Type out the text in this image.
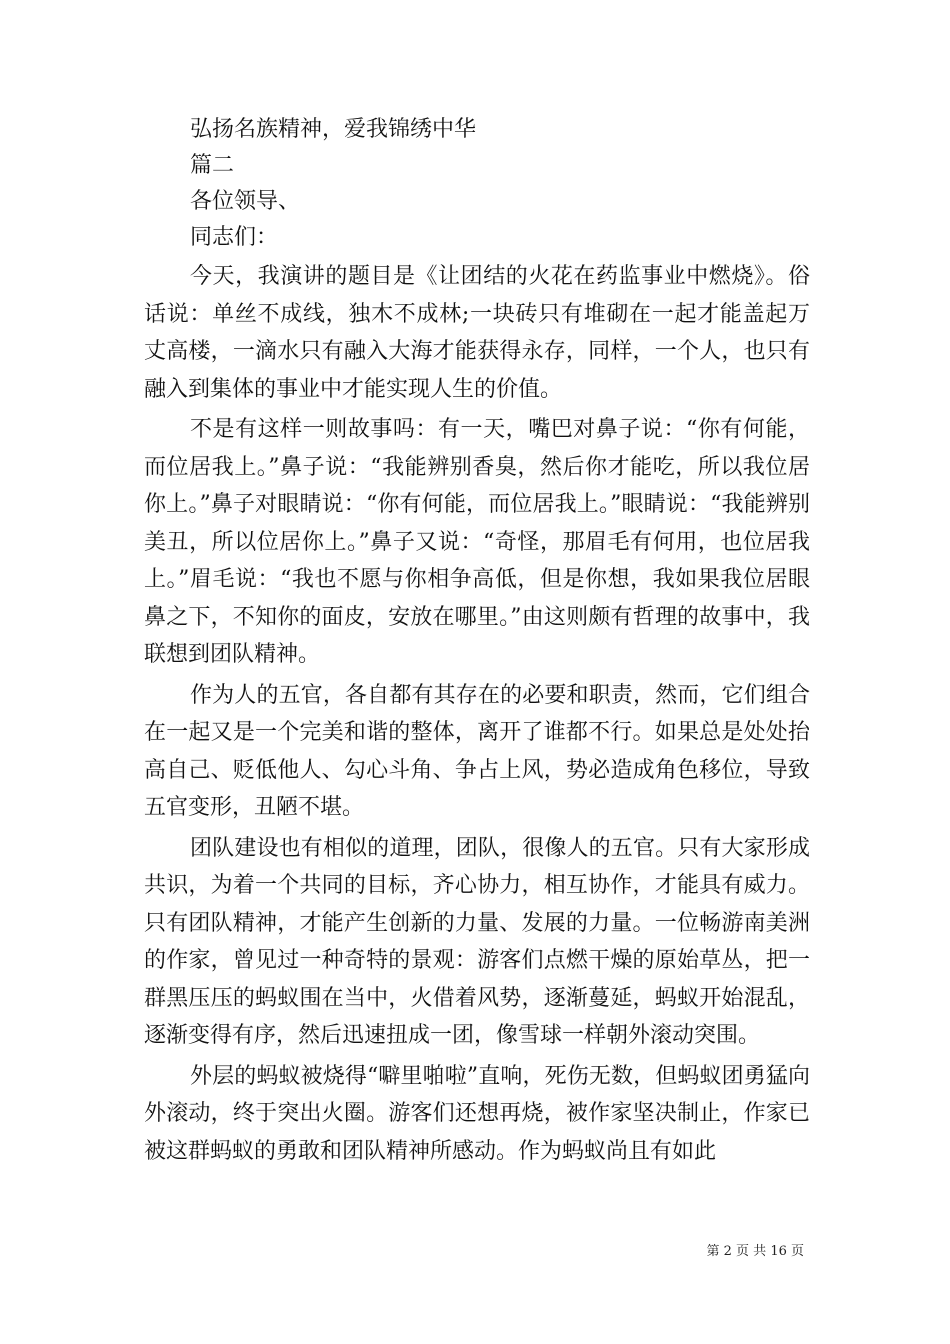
弘扬名族精神，爱我锦绣中华

篇二

各位领导、

同志们：

今天，我演讲的题目是《让团结的火花在药监事业中燃烧》。俗话说：单丝不成线，独木不成林;一块砖只有堆砌在一起才能盖起万丈高楼，一滴水只有融入大海才能获得永存，同样，一个人，也只有融入到集体的事业中才能实现人生的价值。

不是有这样一则故事吗：有一天，嘴巴对鼻子说：“你有何能，而位居我上。”鼻子说：“我能辨别香臭，然后你才能吃，所以我位居你上。”鼻子对眼睛说：“你有何能，而位居我上。”眼睛说：“我能辨别美丑，所以位居你上。”鼻子又说：“奇怪，那眉毛有何用，也位居我上。”眉毛说：“我也不愿与你相争高低，但是你想，我如果我位居眼鼻之下，不知你的面皮，安放在哪里。”由这则颇有哲理的故事中，我联想到团队精神。

作为人的五官，各自都有其存在的必要和职责，然而，它们组合在一起又是一个完美和谐的整体，离开了谁都不行。如果总是处处抬高自己、贬低他人、勾心斗角、争占上风，势必造成角色移位，导致五官变形，丑陋不堪。

团队建设也有相似的道理，团队，很像人的五官。只有大家形成共识，为着一个共同的目标，齐心协力，相互协作，才能具有威力。只有团队精神，才能产生创新的力量、发展的力量。一位畅游南美洲的作家，曾见过一种奇特的景观：游客们点燃干燥的原始草丛，把一群黑压压的蚂蚁围在当中，火借着风势，逐渐蔓延，蚂蚁开始混乱，逐渐变得有序，然后迅速扭成一团，像雪球一样朝外滚动突围。

外层的蚂蚁被烧得“噼里啪啦”直响，死伤无数，但蚂蚁团勇猛向外滚动，终于突出火圈。游客们还想再烧，被作家坚决制止，作家已被这群蚂蚁的勇敢和团队精神所感动。作为蚂蚁尚且有如此

第 2 页 共 16 页
